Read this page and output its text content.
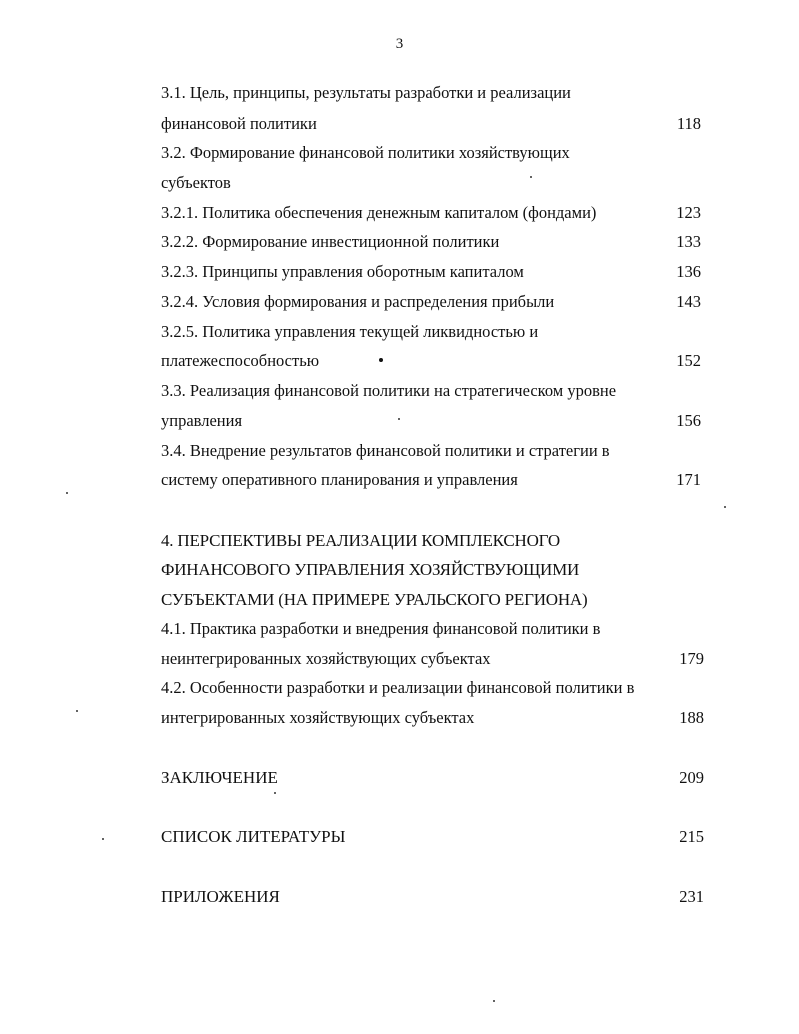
3
3.1. Цель, принципы, результаты разработки и реализации
финансовой политики	118
3.2. Формирование финансовой политики хозяйствующих
субъектов
3.2.1. Политика обеспечения денежным капиталом (фондами)	123
3.2.2. Формирование инвестиционной политики	133
3.2.3. Принципы управления оборотным капиталом	136
3.2.4. Условия формирования и распределения прибыли	143
3.2.5. Политика управления текущей ликвидностью и
платежеспособностью	152
3.3. Реализация финансовой политики на стратегическом уровне
управления	156
3.4. Внедрение результатов финансовой политики и стратегии в
систему оперативного планирования и управления	171
4. ПЕРСПЕКТИВЫ РЕАЛИЗАЦИИ КОМПЛЕКСНОГО
ФИНАНСОВОГО УПРАВЛЕНИЯ ХОЗЯЙСТВУЮЩИМИ
СУБЪЕКТАМИ (НА ПРИМЕРЕ УРАЛЬСКОГО РЕГИОНА)
4.1. Практика разработки и внедрения финансовой политики в
неинтегрированных хозяйствующих субъектах	179
4.2. Особенности разработки и реализации финансовой политики в
интегрированных хозяйствующих субъектах	188
ЗАКЛЮЧЕНИЕ	209
СПИСОК ЛИТЕРАТУРЫ	215
ПРИЛОЖЕНИЯ	231
